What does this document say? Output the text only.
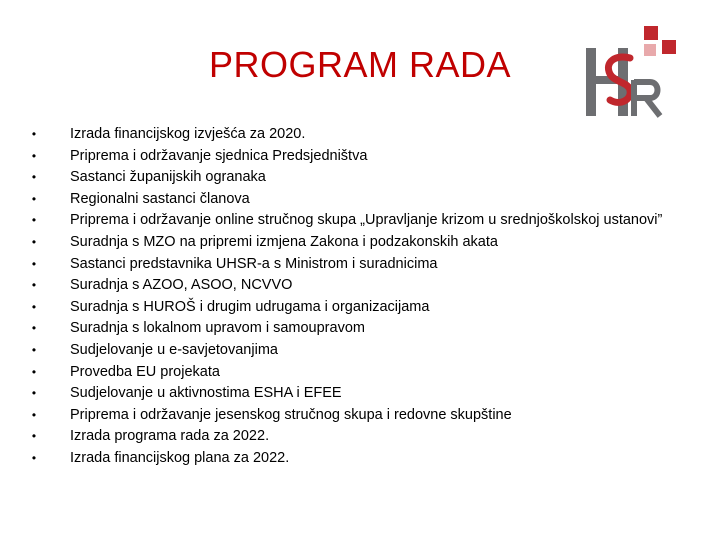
PROGRAM RADA
• Izrada financijskog izvješća za 2020.
• Priprema i održavanje sjednica Predsjedništva
• Sastanci županijskih ogranaka
• Regionalni sastanci članova
• Priprema i održavanje online stručnog skupa „Upravljanje krizom u srednjoškolskoj ustanovi”
• Suradnja s MZO na pripremi izmjena Zakona i podzakonskih akata
• Sastanci predstavnika UHSR-a s Ministrom i suradnicima
• Suradnja s AZOO, ASOO, NCVVO
• Suradnja s HUROŠ i drugim udrugama i organizacijama
• Suradnja s lokalnom upravom i samoupravom
• Sudjelovanje u e-savjetovanjima
• Provedba EU projekata
• Sudjelovanje u aktivnostima ESHA i EFEE
• Priprema i održavanje jesenskog stručnog skupa i redovne skupštine
• Izrada programa rada za 2022.
• Izrada financijskog plana za 2022.
